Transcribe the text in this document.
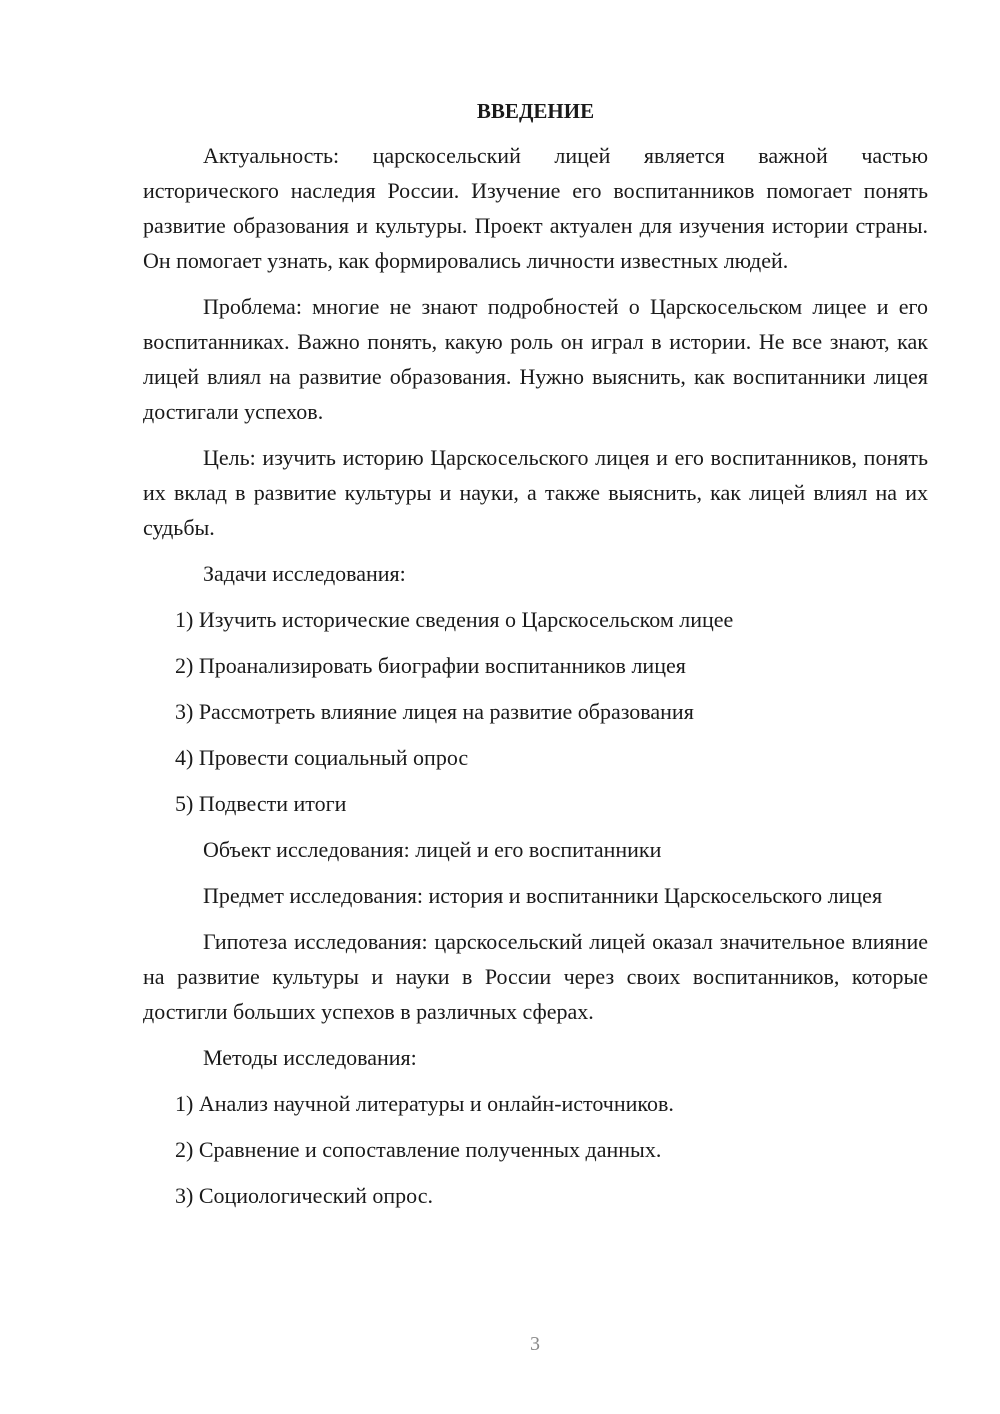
ВВЕДЕНИЕ

Актуальность: царскосельский лицей является важной частью исторического наследия России. Изучение его воспитанников помогает понять развитие образования и культуры. Проект актуален для изучения истории страны. Он помогает узнать, как формировались личности известных людей.

Проблема: многие не знают подробностей о Царскосельском лицее и его воспитанниках. Важно понять, какую роль он играл в истории. Не все знают, как лицей влиял на развитие образования. Нужно выяснить, как воспитанники лицея достигали успехов.

Цель: изучить историю Царскосельского лицея и его воспитанников, понять их вклад в развитие культуры и науки, а также выяснить, как лицей влиял на их судьбы.

Задачи исследования:

1) Изучить исторические сведения о Царскосельском лицее
2) Проанализировать биографии воспитанников лицея
3) Рассмотреть влияние лицея на развитие образования
4) Провести социальный опрос
5) Подвести итоги

Объект исследования: лицей и его воспитанники

Предмет исследования: история и воспитанники Царскосельского лицея

Гипотеза исследования: царскосельский лицей оказал значительное влияние на развитие культуры и науки в России через своих воспитанников, которые достигли больших успехов в различных сферах.

Методы исследования:

1) Анализ научной литературы и онлайн-источников.
2) Сравнение и сопоставление полученных данных.
3) Социологический опрос.
3
